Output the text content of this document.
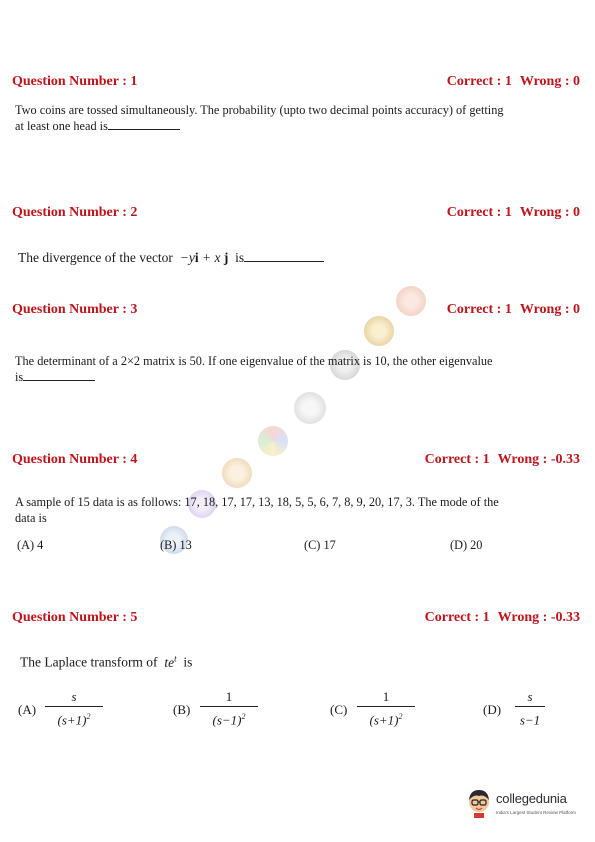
Question Number : 1	Correct : 1 Wrong : 0
Two coins are tossed simultaneously. The probability (upto two decimal points accuracy) of getting
at least one head is
Question Number : 2	Correct : 1 Wrong : 0
The divergence of the vector  −yi + x j is
Question Number : 3	Correct : 1 Wrong : 0
The determinant of a 2×2 matrix is 50. If one eigenvalue of the matrix is 10, the other eigenvalue
is
Question Number : 4	Correct : 1 Wrong : -0.33
A sample of 15 data is as follows: 17, 18, 17, 17, 13, 18, 5, 5, 6, 7, 8, 9, 20, 17, 3. The mode of the
data is
(A) 4	(B) 13	(C) 17	(D) 20
Question Number : 5	Correct : 1 Wrong : -0.33
The Laplace transform of $te^t$ is
(A)
s
$(s+1)^2$	(B)
1
$(s-1)^2$	(C)
1
$(s+1)^2$	(D)
s
s−1
collegedunia
India's Largest Student Review Platform
